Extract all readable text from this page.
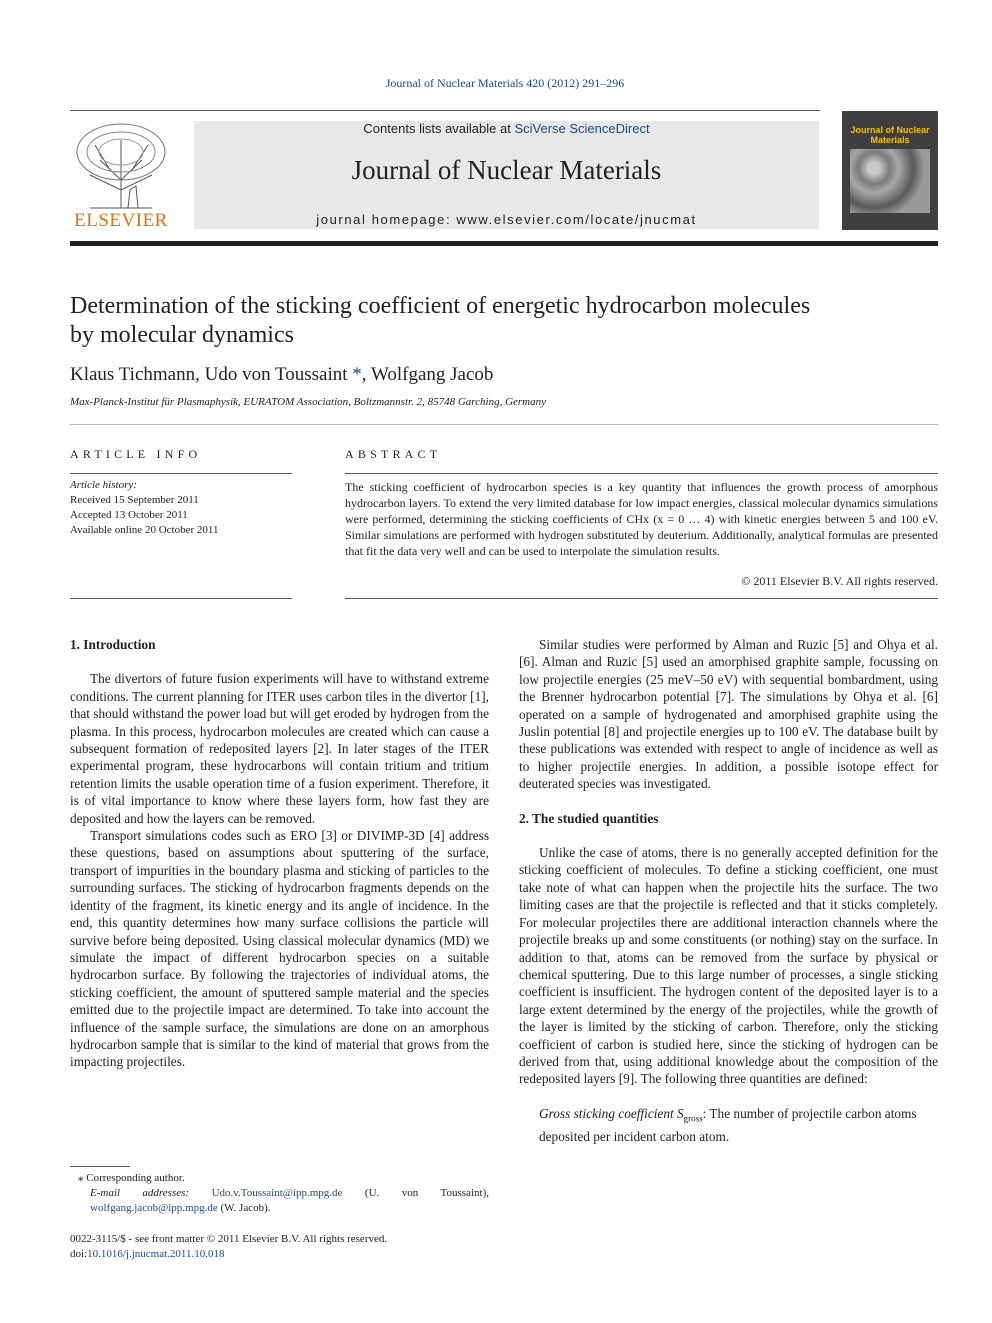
Journal of Nuclear Materials 420 (2012) 291–296
ELSEVIER
Contents lists available at SciVerse ScienceDirect
Journal of Nuclear Materials
journal homepage: www.elsevier.com/locate/jnucmat
Journal of Nuclear Materials
Determination of the sticking coefficient of energetic hydrocarbon molecules
by molecular dynamics
Klaus Tichmann, Udo von Toussaint *, Wolfgang Jacob
Max-Planck-Institut für Plasmaphysik, EURATOM Association, Boltzmannstr. 2, 85748 Garching, Germany
ARTICLE INFO
Article history:
Received 15 September 2011
Accepted 13 October 2011
Available online 20 October 2011
ABSTRACT
The sticking coefficient of hydrocarbon species is a key quantity that influences the growth process of amorphous hydrocarbon layers. To extend the very limited database for low impact energies, classical molecular dynamics simulations were performed, determining the sticking coefficients of CHx (x = 0 … 4) with kinetic energies between 5 and 100 eV. Similar simulations are performed with hydrogen substituted by deuterium. Additionally, analytical formulas are presented that fit the data very well and can be used to interpolate the simulation results.
© 2011 Elsevier B.V. All rights reserved.

1. Introduction

The divertors of future fusion experiments will have to withstand extreme conditions. The current planning for ITER uses carbon tiles in the divertor [1], that should withstand the power load but will get eroded by hydrogen from the plasma. In this process, hydrocarbon molecules are created which can cause a subsequent formation of redeposited layers [2]. In later stages of the ITER experimental program, these hydrocarbons will contain tritium and tritium retention limits the usable operation time of a fusion experiment. Therefore, it is of vital importance to know where these layers form, how fast they are deposited and how the layers can be removed.

Transport simulations codes such as ERO [3] or DIVIMP-3D [4] address these questions, based on assumptions about sputtering of the surface, transport of impurities in the boundary plasma and sticking of particles to the surrounding surfaces. The sticking of hydrocarbon fragments depends on the identity of the fragment, its kinetic energy and its angle of incidence. In the end, this quantity determines how many surface collisions the particle will survive before being deposited. Using classical molecular dynamics (MD) we simulate the impact of different hydrocarbon species on a suitable hydrocarbon surface. By following the trajectories of individual atoms, the sticking coefficient, the amount of sputtered sample material and the species emitted due to the projectile impact are determined. To take into account the influence of the sample surface, the simulations are done on an amorphous hydrocarbon sample that is similar to the kind of material that grows from the impacting projectiles.

Similar studies were performed by Alman and Ruzic [5] and Ohya et al. [6]. Alman and Ruzic [5] used an amorphised graphite sample, focussing on low projectile energies (25 meV–50 eV) with sequential bombardment, using the Brenner hydrocarbon potential [7]. The simulations by Ohya et al. [6] operated on a sample of hydrogenated and amorphised graphite using the Juslin potential [8] and projectile energies up to 100 eV. The database built by these publications was extended with respect to angle of incidence as well as to higher projectile energies. In addition, a possible isotope effect for deuterated species was investigated.

2. The studied quantities

Unlike the case of atoms, there is no generally accepted definition for the sticking coefficient of molecules. To define a sticking coefficient, one must take note of what can happen when the projectile hits the surface. The two limiting cases are that the projectile is reflected and that it sticks completely. For molecular projectiles there are additional interaction channels where the projectile breaks up and some constituents (or nothing) stay on the surface. In addition to that, atoms can be removed from the surface by physical or chemical sputtering. Due to this large number of processes, a single sticking coefficient is insufficient. The hydrogen content of the deposited layer is to a large extent determined by the energy of the projectiles, while the growth of the layer is limited by the sticking of carbon. Therefore, only the sticking coefficient of carbon is studied here, since the sticking of hydrogen can be derived from that, using additional knowledge about the composition of the redeposited layers [9]. The following three quantities are defined:

Gross sticking coefficient $S_{gross}$: The number of projectile carbon atoms deposited per incident carbon atom.

⁎ Corresponding author.
E-mail addresses: Udo.v.Toussaint@ipp.mpg.de (U. von Toussaint), wolfgang.jacob@ipp.mpg.de (W. Jacob).
0022-3115/$ - see front matter © 2011 Elsevier B.V. All rights reserved.
doi:10.1016/j.jnucmat.2011.10.018
